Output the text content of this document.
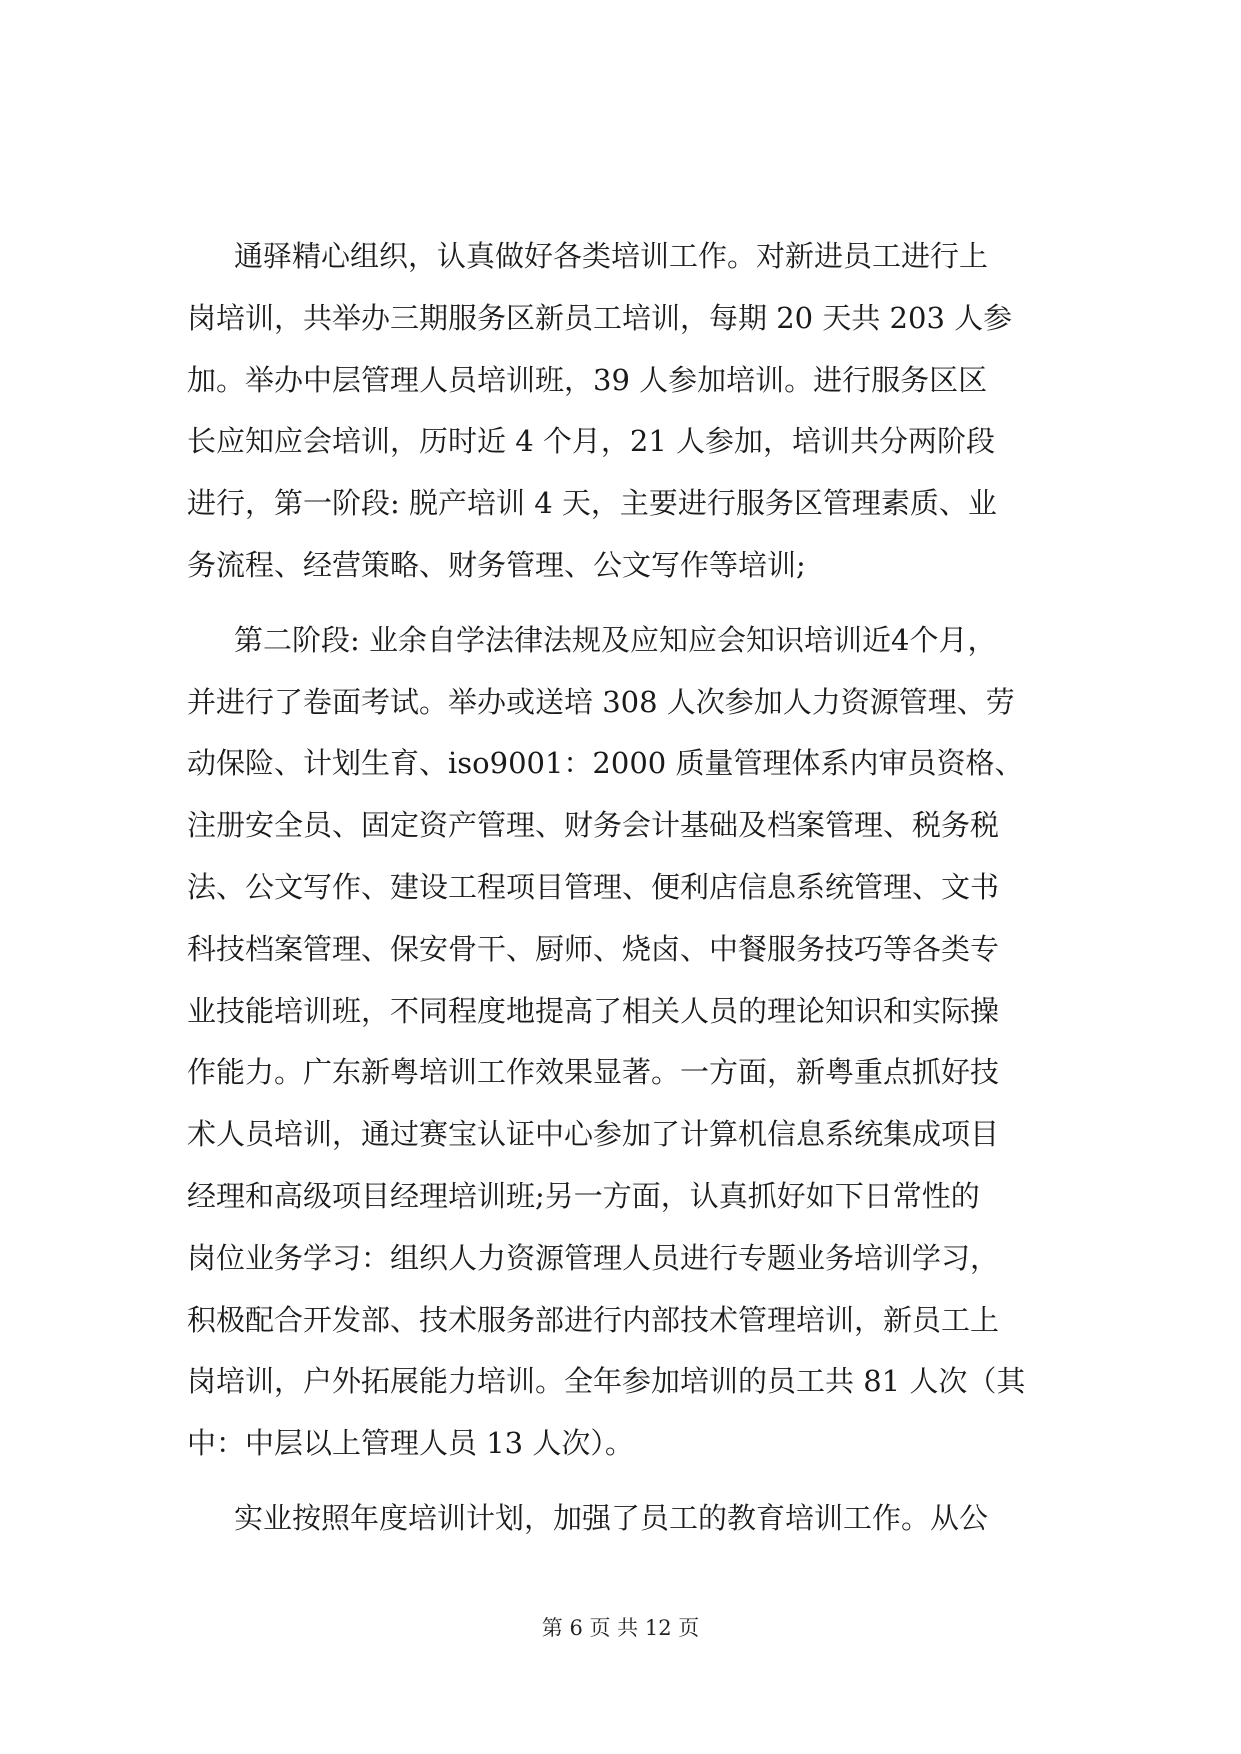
通驿精心组织，认真做好各类培训工作。对新进员工进行上
岗培训，共举办三期服务区新员工培训，每期 20 天共 203 人参
加。举办中层管理人员培训班，39 人参加培训。进行服务区区
长应知应会培训，历时近 4 个月，21 人参加，培训共分两阶段
进行，第一阶段: 脱产培训 4 天，主要进行服务区管理素质、业
务流程、经营策略、财务管理、公文写作等培训;
第二阶段: 业余自学法律法规及应知应会知识培训近4个月，
并进行了卷面考试。举办或送培 308 人次参加人力资源管理、劳
动保险、计划生育、iso9001：2000 质量管理体系内审员资格、
注册安全员、固定资产管理、财务会计基础及档案管理、税务税
法、公文写作、建设工程项目管理、便利店信息系统管理、文书
科技档案管理、保安骨干、厨师、烧卤、中餐服务技巧等各类专
业技能培训班，不同程度地提高了相关人员的理论知识和实际操
作能力。广东新粤培训工作效果显著。一方面，新粤重点抓好技
术人员培训，通过赛宝认证中心参加了计算机信息系统集成项目
经理和高级项目经理培训班;另一方面，认真抓好如下日常性的
岗位业务学习：组织人力资源管理人员进行专题业务培训学习，
积极配合开发部、技术服务部进行内部技术管理培训，新员工上
岗培训，户外拓展能力培训。全年参加培训的员工共 81 人次（其
中：中层以上管理人员 13 人次）。
实业按照年度培训计划，加强了员工的教育培训工作。从公
第 6 页 共 12 页
